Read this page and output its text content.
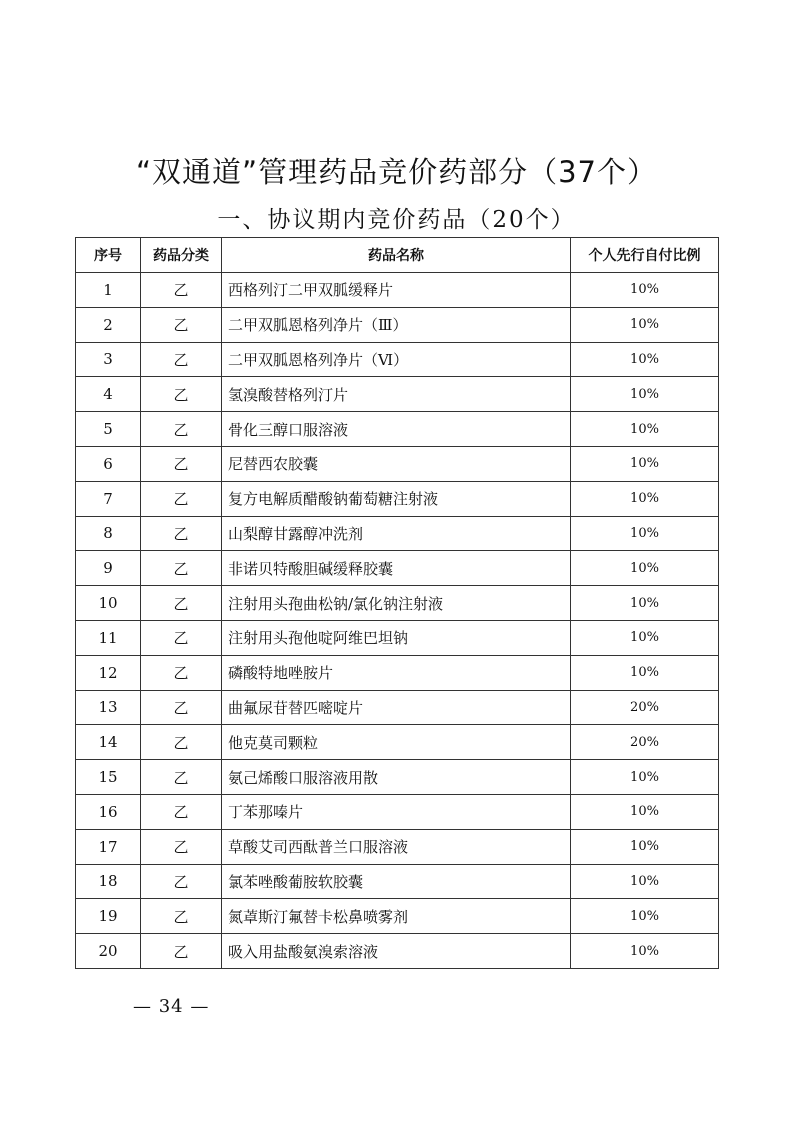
“双通道”管理药品竞价药部分（37个）
一、协议期内竞价药品（20个）
序号	药品分类	药品名称	个人先行自付比例
1	乙	西格列汀二甲双胍缓释片	10%
2	乙	二甲双胍恩格列净片（Ⅲ）	10%
3	乙	二甲双胍恩格列净片（Ⅵ）	10%
4	乙	氢溴酸替格列汀片	10%
5	乙	骨化三醇口服溶液	10%
6	乙	尼替西农胶囊	10%
7	乙	复方电解质醋酸钠葡萄糖注射液	10%
8	乙	山梨醇甘露醇冲洗剂	10%
9	乙	非诺贝特酸胆碱缓释胶囊	10%
10	乙	注射用头孢曲松钠/氯化钠注射液	10%
11	乙	注射用头孢他啶阿维巴坦钠	10%
12	乙	磷酸特地唑胺片	10%
13	乙	曲氟尿苷替匹嘧啶片	20%
14	乙	他克莫司颗粒	20%
15	乙	氨己烯酸口服溶液用散	10%
16	乙	丁苯那嗪片	10%
17	乙	草酸艾司西酞普兰口服溶液	10%
18	乙	氯苯唑酸葡胺软胶囊	10%
19	乙	氮䓬斯汀氟替卡松鼻喷雾剂	10%
20	乙	吸入用盐酸氨溴索溶液	10%
— 34 —
